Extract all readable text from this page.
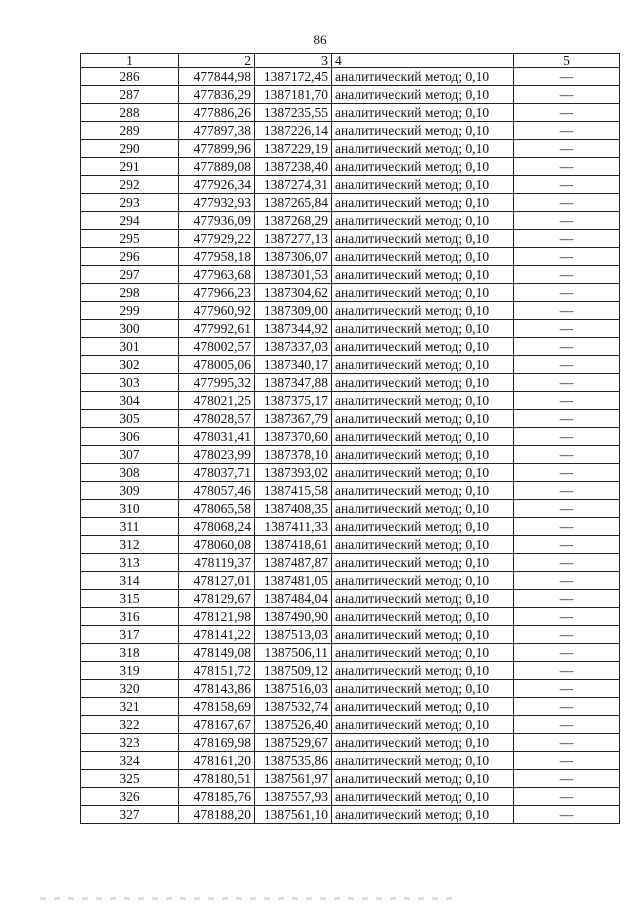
86
1	2	3	4	5
286	477844,98	1387172,45	аналитический метод; 0,10	—
287	477836,29	1387181,70	аналитический метод; 0,10	—
288	477886,26	1387235,55	аналитический метод; 0,10	—
289	477897,38	1387226,14	аналитический метод; 0,10	—
290	477899,96	1387229,19	аналитический метод; 0,10	—
291	477889,08	1387238,40	аналитический метод; 0,10	—
292	477926,34	1387274,31	аналитический метод; 0,10	—
293	477932,93	1387265,84	аналитический метод; 0,10	—
294	477936,09	1387268,29	аналитический метод; 0,10	—
295	477929,22	1387277,13	аналитический метод; 0,10	—
296	477958,18	1387306,07	аналитический метод; 0,10	—
297	477963,68	1387301,53	аналитический метод; 0,10	—
298	477966,23	1387304,62	аналитический метод; 0,10	—
299	477960,92	1387309,00	аналитический метод; 0,10	—
300	477992,61	1387344,92	аналитический метод; 0,10	—
301	478002,57	1387337,03	аналитический метод; 0,10	—
302	478005,06	1387340,17	аналитический метод; 0,10	—
303	477995,32	1387347,88	аналитический метод; 0,10	—
304	478021,25	1387375,17	аналитический метод; 0,10	—
305	478028,57	1387367,79	аналитический метод; 0,10	—
306	478031,41	1387370,60	аналитический метод; 0,10	—
307	478023,99	1387378,10	аналитический метод; 0,10	—
308	478037,71	1387393,02	аналитический метод; 0,10	—
309	478057,46	1387415,58	аналитический метод; 0,10	—
310	478065,58	1387408,35	аналитический метод; 0,10	—
311	478068,24	1387411,33	аналитический метод; 0,10	—
312	478060,08	1387418,61	аналитический метод; 0,10	—
313	478119,37	1387487,87	аналитический метод; 0,10	—
314	478127,01	1387481,05	аналитический метод; 0,10	—
315	478129,67	1387484,04	аналитический метод; 0,10	—
316	478121,98	1387490,90	аналитический метод; 0,10	—
317	478141,22	1387513,03	аналитический метод; 0,10	—
318	478149,08	1387506,11	аналитический метод; 0,10	—
319	478151,72	1387509,12	аналитический метод; 0,10	—
320	478143,86	1387516,03	аналитический метод; 0,10	—
321	478158,69	1387532,74	аналитический метод; 0,10	—
322	478167,67	1387526,40	аналитический метод; 0,10	—
323	478169,98	1387529,67	аналитический метод; 0,10	—
324	478161,20	1387535,86	аналитический метод; 0,10	—
325	478180,51	1387561,97	аналитический метод; 0,10	—
326	478185,76	1387557,93	аналитический метод; 0,10	—
327	478188,20	1387561,10	аналитический метод; 0,10	—
